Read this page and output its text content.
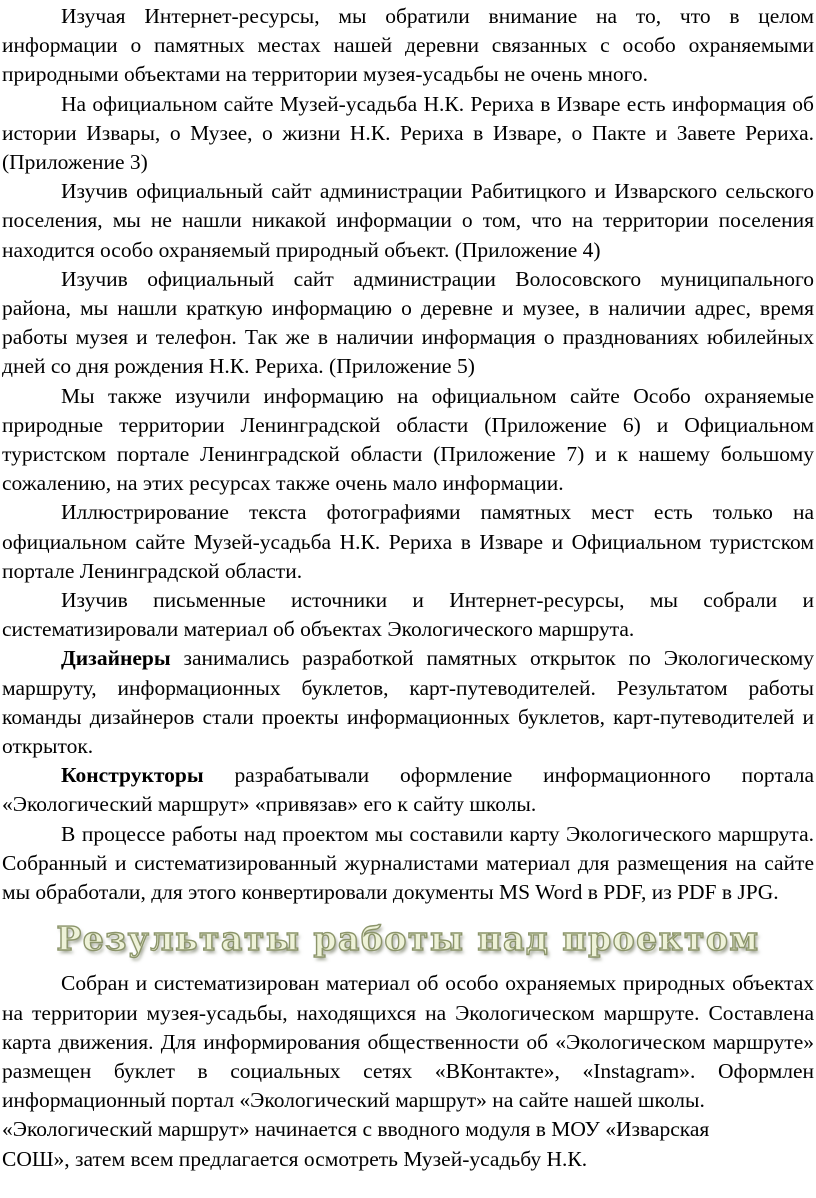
Изучая Интернет-ресурсы, мы обратили внимание на то, что в целом информации о памятных местах нашей деревни связанных с особо охраняемыми природными объектами на территории музея-усадьбы не очень много.

На официальном сайте Музей-усадьба Н.К. Рериха в Изваре есть информация об истории Извары, о Музее, о жизни Н.К. Рериха в Изваре, о Пакте и Завете Рериха. (Приложение 3)

Изучив официальный сайт администрации Рабитицкого и Изварского сельского поселения, мы не нашли никакой информации о том, что на территории поселения находится особо охраняемый природный объект. (Приложение 4)

Изучив официальный сайт администрации Волосовского муниципального района, мы нашли краткую информацию о деревне и музее, в наличии адрес, время работы музея и телефон. Так же в наличии информация о празднованиях юбилейных дней со дня рождения Н.К. Рериха. (Приложение 5)

Мы также изучили информацию на официальном сайте Особо охраняемые природные территории Ленинградской области (Приложение 6) и Официальном туристском портале Ленинградской области (Приложение 7) и к нашему большому сожалению, на этих ресурсах также очень мало информации.

Иллюстрирование текста фотографиями памятных мест есть только на официальном сайте Музей-усадьба Н.К. Рериха в Изваре и Официальном туристском портале Ленинградской области.

Изучив письменные источники и Интернет-ресурсы, мы собрали и систематизировали материал об объектах Экологического маршрута.

Дизайнеры занимались разработкой памятных открыток по Экологическому маршруту, информационных буклетов, карт-путеводителей. Результатом работы команды дизайнеров стали проекты информационных буклетов, карт-путеводителей и открыток.

Конструкторы разрабатывали оформление информационного портала «Экологический маршрут» «привязав» его к сайту школы.

В процессе работы над проектом мы составили карту Экологического маршрута. Собранный и систематизированный журналистами материал для размещения на сайте мы обработали, для этого конвертировали документы MS Word в PDF, из PDF в JPG.

Результаты работы над проектом

Собран и систематизирован материал об особо охраняемых природных объектах на территории музея-усадьбы, находящихся на Экологическом маршруте. Составлена карта движения. Для информирования общественности об «Экологическом маршруте» размещен буклет в социальных сетях «ВКонтакте», «Instagram». Оформлен информационный портал «Экологический маршрут» на сайте нашей школы.

«Экологический маршрут» начинается с вводного модуля в МОУ «Изварская

СОШ», затем всем предлагается осмотреть Музей-усадьбу Н.К.
